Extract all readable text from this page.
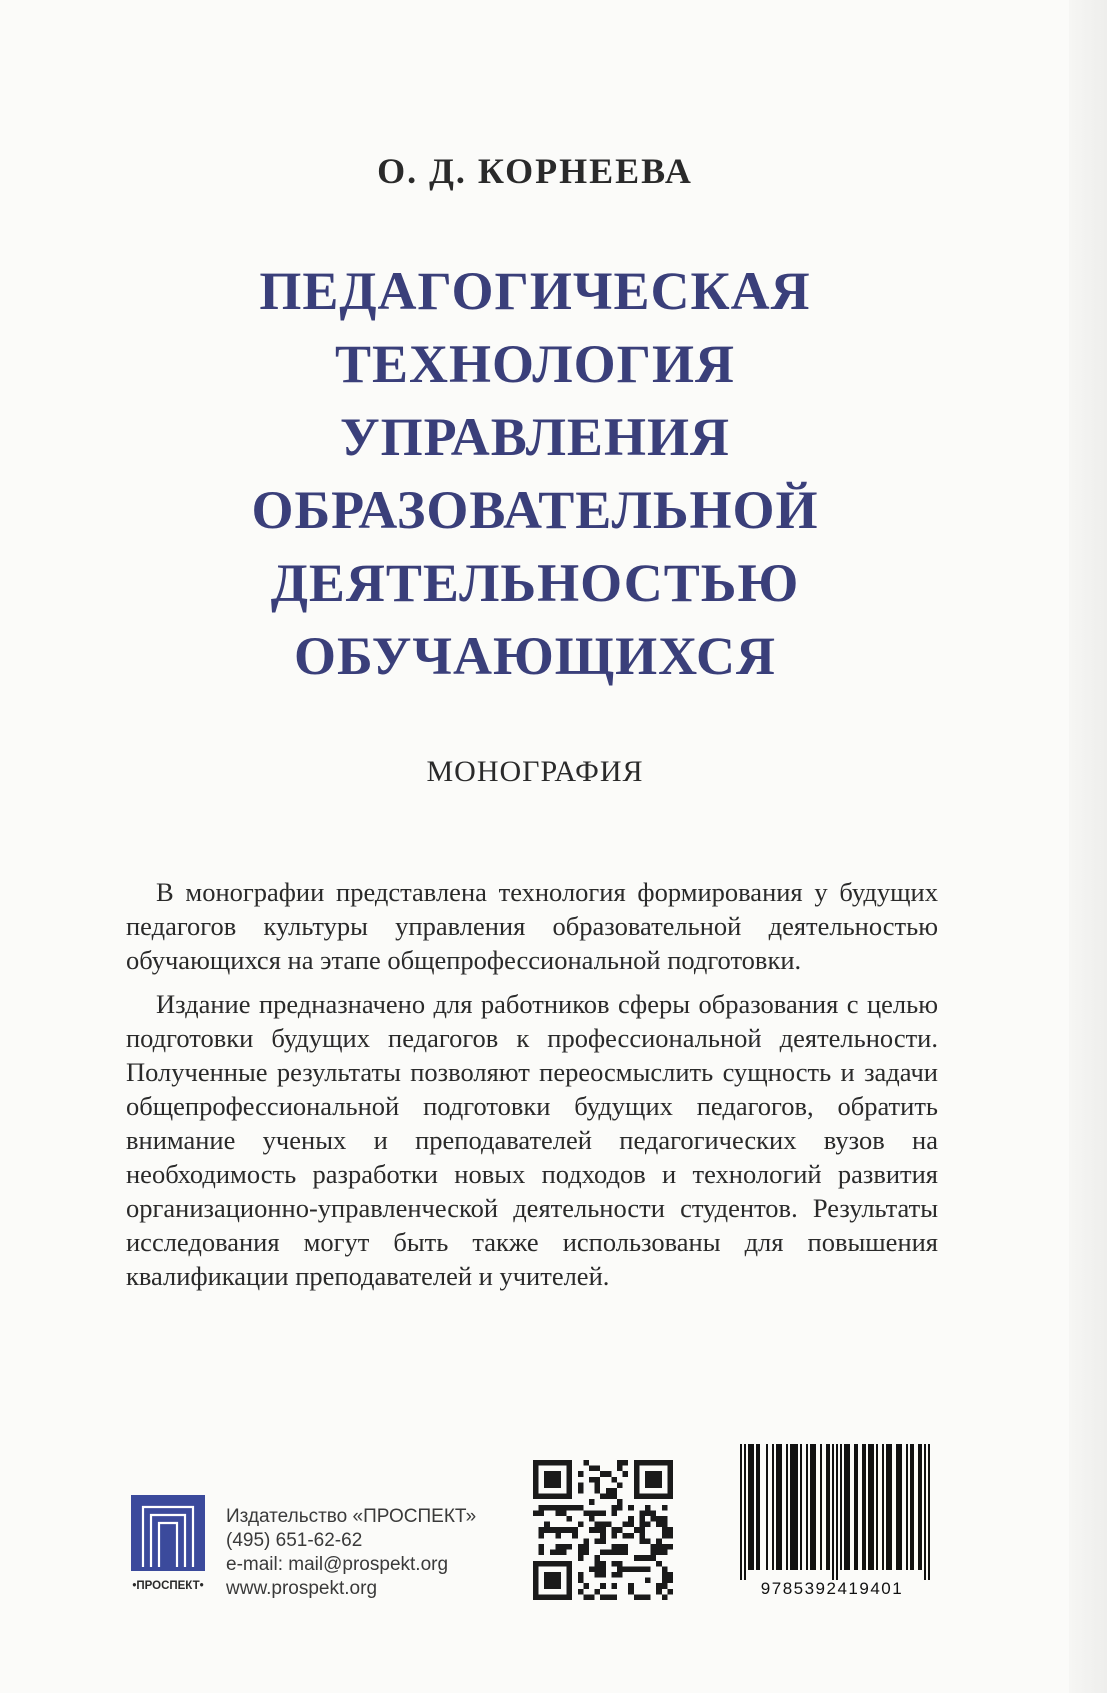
О. Д. КОРНЕЕВА
ПЕДАГОГИЧЕСКАЯ
ТЕХНОЛОГИЯ
УПРАВЛЕНИЯ
ОБРАЗОВАТЕЛЬНОЙ
ДЕЯТЕЛЬНОСТЬЮ
ОБУЧАЮЩИХСЯ
МОНОГРАФИЯ

В монографии представлена технология формирования у будущих педагогов культуры управления образовательной деятельностью обучающихся на этапе общепрофессиональной подготовки.

Издание предназначено для работников сферы образования с целью подготовки будущих педагогов к профессиональной деятельности. Полученные результаты позволяют переосмыслить сущность и задачи общепрофессиональной подготовки будущих педагогов, обратить внимание ученых и преподавателей педагогических вузов на необходимость разработки новых подходов и технологий развития организационно-управленческой деятельности студентов. Результаты исследования могут быть также использованы для повышения квалификации преподавателей и учителей.

•ПРОСПЕКТ•
Издательство «ПРОСПЕКТ»
(495) 651-62-62
e-mail: mail@prospekt.org
www.prospekt.org	9785392419401
